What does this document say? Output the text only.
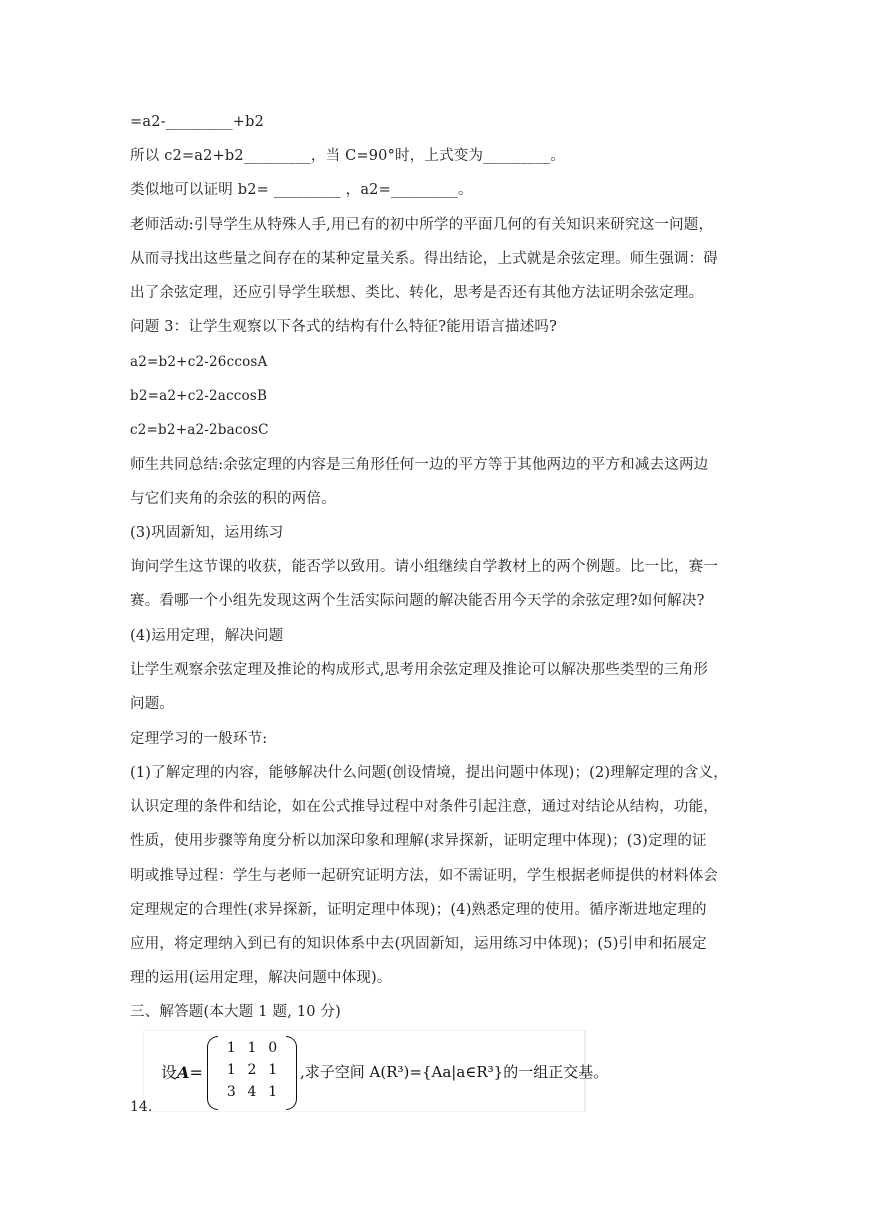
=a2-_________+b2
所以 c2=a2+b2_________，当 C=90°时，上式变为_________。
类似地可以证明 b2= _________ ，a2=_________。
老师活动:引导学生从特殊人手,用已有的初中所学的平面几何的有关知识来研究这一问题，
从而寻找出这些量之间存在的某种定量关系。得出结论，上式就是余弦定理。师生强调：碍
出了余弦定理，还应引导学生联想、类比、转化，思考是否还有其他方法证明余弦定理。
问题 3：让学生观察以下各式的结构有什么特征?能用语言描述吗?
a2=b2+c2-26ccosA
b2=a2+c2-2accosB
c2=b2+a2-2bacosC
师生共同总结:余弦定理的内容是三角形任何一边的平方等于其他两边的平方和减去这两边
与它们夹角的余弦的积的两倍。
(3)巩固新知，运用练习
询问学生这节课的收获，能否学以致用。请小组继续自学教材上的两个例题。比一比，赛一
赛。看哪一个小组先发现这两个生活实际问题的解决能否用今天学的余弦定理?如何解决?
(4)运用定理，解决问题
让学生观察余弦定理及推论的构成形式,思考用余弦定理及推论可以解决那些类型的三角形
问题。
定理学习的一般环节:
(1)了解定理的内容，能够解决什么问题(创设情境，提出问题中体现)；(2)理解定理的含义，
认识定理的条件和结论，如在公式推导过程中对条件引起注意，通过对结论从结构，功能，
性质，使用步骤等角度分析以加深印象和理解(求异探新，证明定理中体现)；(3)定理的证
明或推导过程：学生与老师一起研究证明方法，如不需证明，学生根据老师提供的材料体会
定理规定的合理性(求异探新，证明定理中体现)；(4)熟悉定理的使用。循序渐进地定理的
应用，将定理纳入到已有的知识体系中去(巩固新知，运用练习中体现)；(5)引申和拓展定
理的运用(运用定理，解决问题中体现)。
三、解答题(本大题 1 题, 10 分)
设A=
1 1 0
1 2 1
3 4 1
,求子空间 A(R³)={Aa|a∈R³}的一组正交基。
14.
